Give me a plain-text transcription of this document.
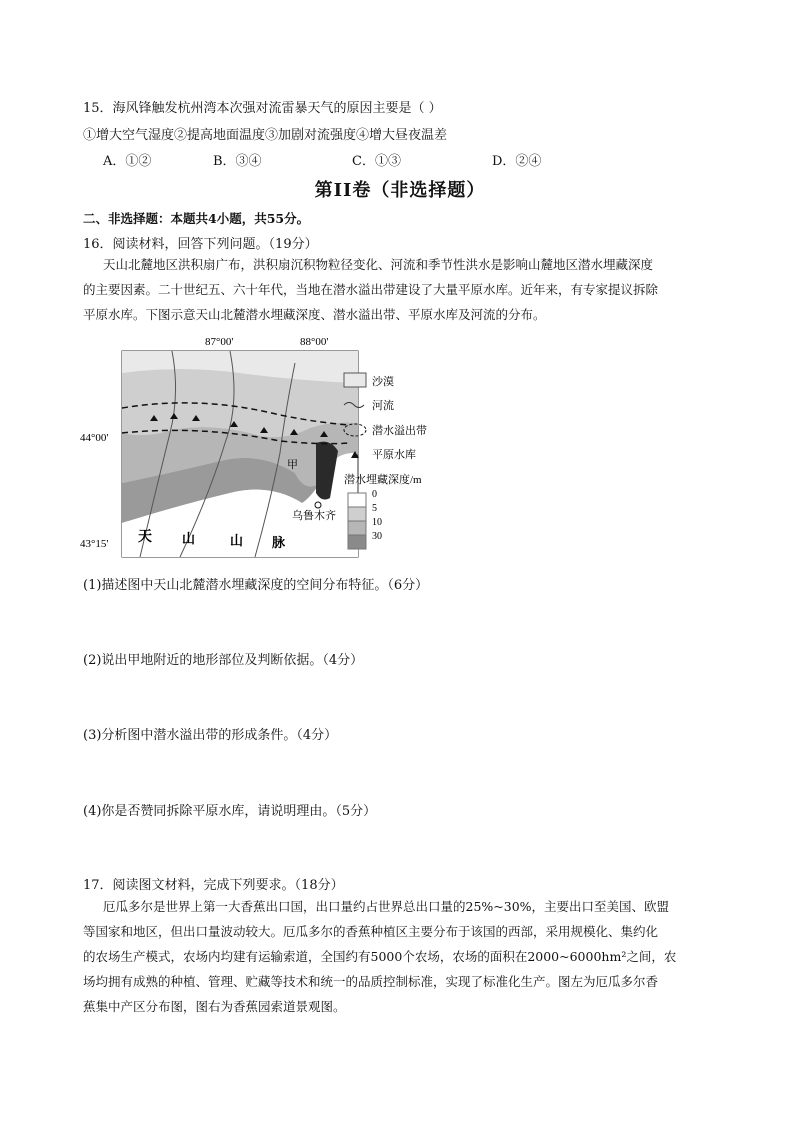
15．海风锋触发杭州湾本次强对流雷暴天气的原因主要是（ ）
①增大空气湿度②提高地面温度③加剧对流强度④增大昼夜温差
A．①②	B．③④	C．①③	D．②④
第II卷（非选择题）
二、非选择题：本题共4小题，共55分。
16．阅读材料，回答下列问题。（19分）
天山北麓地区洪积扇广布，洪积扇沉积物粒径变化、河流和季节性洪水是影响山麓地区潜水埋藏深度
的主要因素。二十世纪五、六十年代，当地在潜水溢出带建设了大量平原水库。近年来，有专家提议拆除
平原水库。下图示意天山北麓潜水埋藏深度、潜水溢出带、平原水库及河流的分布。
87°00'	88°00'
44°00'
43°15'
甲
乌鲁木齐
天 山	山 脉
沙漠
河流
潜水溢出带
平原水库
潜水埋藏深度/m
0
5
10
30
(1)描述图中天山北麓潜水埋藏深度的空间分布特征。（6分）
(2)说出甲地附近的地形部位及判断依据。（4分）
(3)分析图中潜水溢出带的形成条件。（4分）
(4)你是否赞同拆除平原水库，请说明理由。（5分）
17．阅读图文材料，完成下列要求。（18分）
厄瓜多尔是世界上第一大香蕉出口国，出口量约占世界总出口量的25%~30%，主要出口至美国、欧盟
等国家和地区，但出口量波动较大。厄瓜多尔的香蕉种植区主要分布于该国的西部，采用规模化、集约化
的农场生产模式，农场内均建有运输索道，全国约有5000个农场，农场的面积在2000~6000hm²之间，农
场均拥有成熟的种植、管理、贮藏等技术和统一的品质控制标准，实现了标准化生产。图左为厄瓜多尔香
蕉集中产区分布图，图右为香蕉园索道景观图。
